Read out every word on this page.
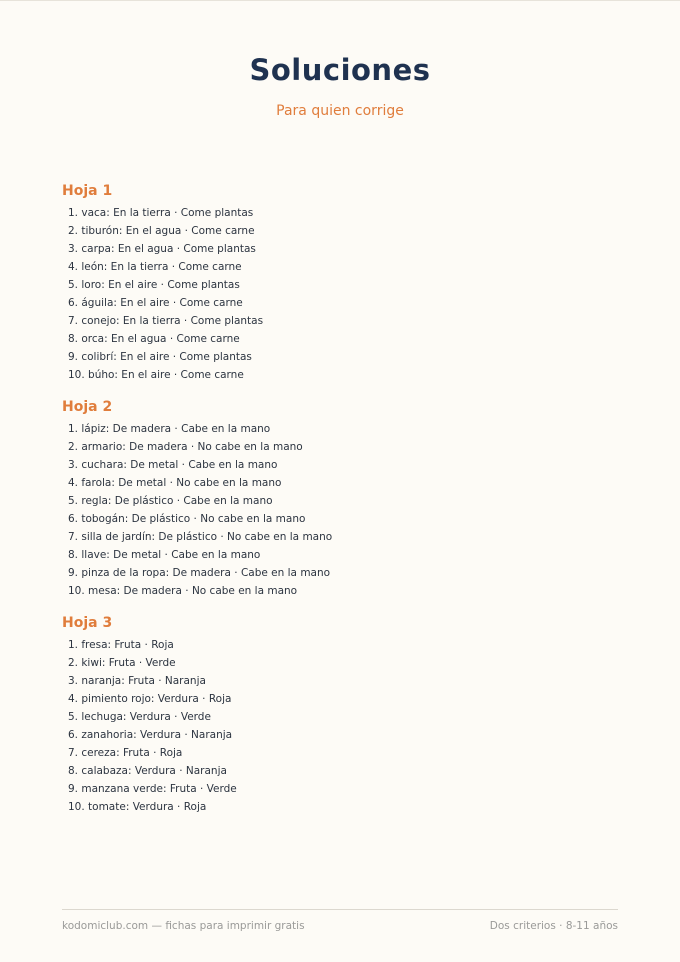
Soluciones
Para quien corrige
Hoja 1
1. vaca: En la tierra · Come plantas
2. tiburón: En el agua · Come carne
3. carpa: En el agua · Come plantas
4. león: En la tierra · Come carne
5. loro: En el aire · Come plantas
6. águila: En el aire · Come carne
7. conejo: En la tierra · Come plantas
8. orca: En el agua · Come carne
9. colibrí: En el aire · Come plantas
10. búho: En el aire · Come carne
Hoja 2
1. lápiz: De madera · Cabe en la mano
2. armario: De madera · No cabe en la mano
3. cuchara: De metal · Cabe en la mano
4. farola: De metal · No cabe en la mano
5. regla: De plástico · Cabe en la mano
6. tobogán: De plástico · No cabe en la mano
7. silla de jardín: De plástico · No cabe en la mano
8. llave: De metal · Cabe en la mano
9. pinza de la ropa: De madera · Cabe en la mano
10. mesa: De madera · No cabe en la mano
Hoja 3
1. fresa: Fruta · Roja
2. kiwi: Fruta · Verde
3. naranja: Fruta · Naranja
4. pimiento rojo: Verdura · Roja
5. lechuga: Verdura · Verde
6. zanahoria: Verdura · Naranja
7. cereza: Fruta · Roja
8. calabaza: Verdura · Naranja
9. manzana verde: Fruta · Verde
10. tomate: Verdura · Roja
kodomiclub.com — fichas para imprimir gratis	Dos criterios · 8-11 años
